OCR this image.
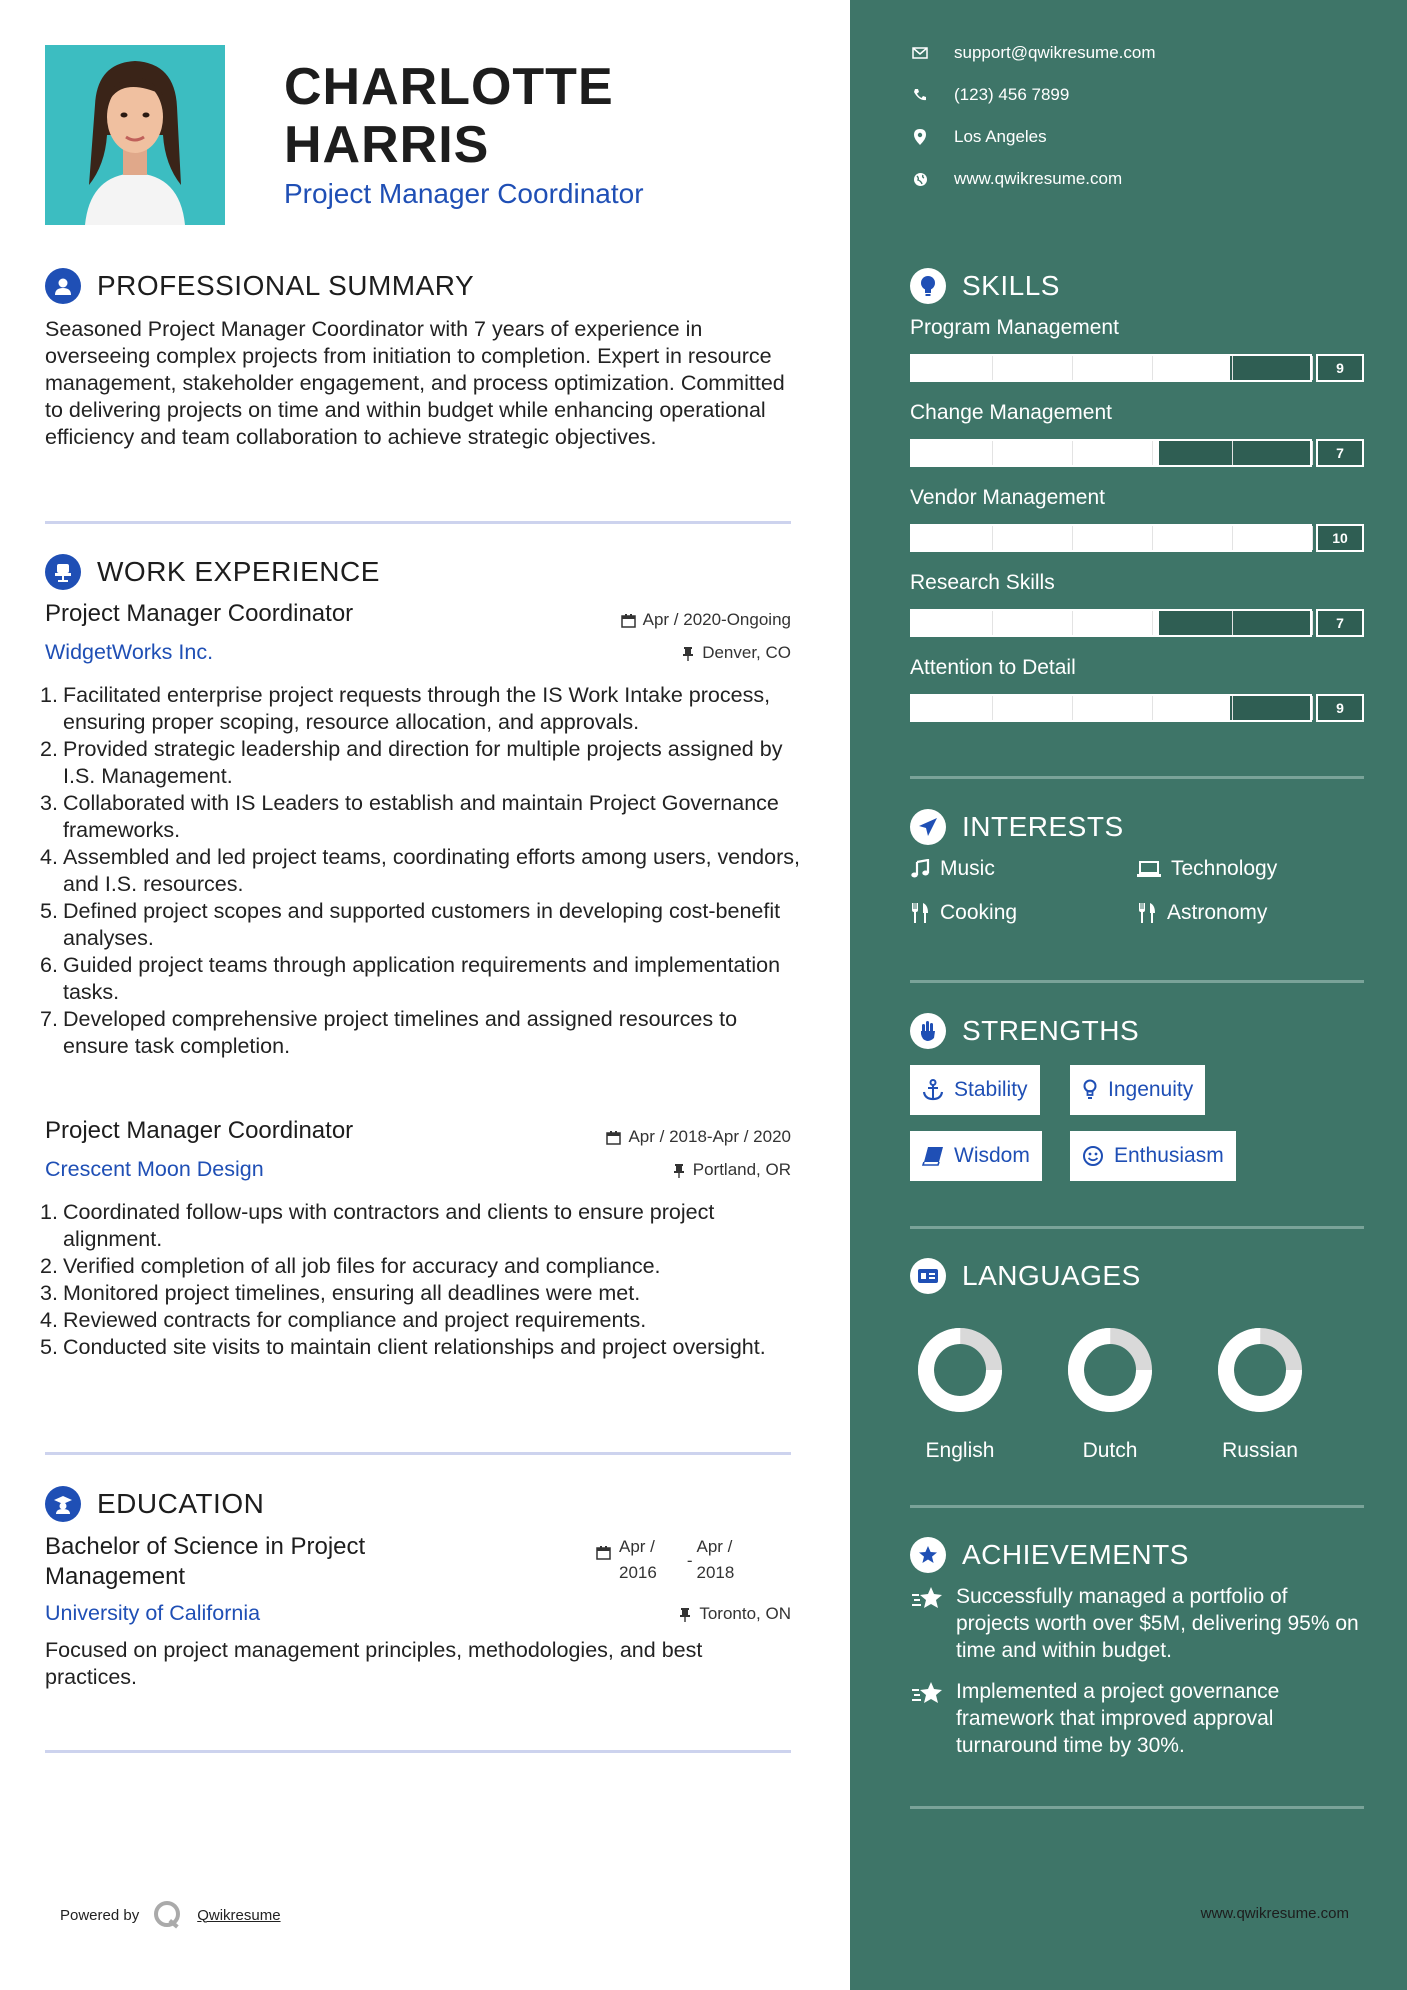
CHARLOTTE
HARRIS
Project Manager Coordinator
PROFESSIONAL SUMMARY
Seasoned Project Manager Coordinator with 7 years of experience in overseeing complex projects from initiation to completion. Expert in resource management, stakeholder engagement, and process optimization. Committed to delivering projects on time and within budget while enhancing operational efficiency and team collaboration to achieve strategic objectives.
WORK EXPERIENCE
Project Manager Coordinator	Apr / 2020-Ongoing
WidgetWorks Inc.	Denver, CO
1. Facilitated enterprise project requests through the IS Work Intake process, ensuring proper scoping, resource allocation, and approvals.
2. Provided strategic leadership and direction for multiple projects assigned by I.S. Management.
3. Collaborated with IS Leaders to establish and maintain Project Governance frameworks.
4. Assembled and led project teams, coordinating efforts among users, vendors, and I.S. resources.
5. Defined project scopes and supported customers in developing cost-benefit analyses.
6. Guided project teams through application requirements and implementation tasks.
7. Developed comprehensive project timelines and assigned resources to ensure task completion.
Project Manager Coordinator	Apr / 2018-Apr / 2020
Crescent Moon Design	Portland, OR
1. Coordinated follow-ups with contractors and clients to ensure project alignment.
2. Verified completion of all job files for accuracy and compliance.
3. Monitored project timelines, ensuring all deadlines were met.
4. Reviewed contracts for compliance and project requirements.
5. Conducted site visits to maintain client relationships and project oversight.
EDUCATION
Bachelor of Science in Project
Management
Apr /
2016
-
Apr /
2018
University of California	Toronto, ON
Focused on project management principles, methodologies, and best practices.
Powered by	Qwikresume
support@qwikresume.com
(123) 456 7899
Los Angeles
www.qwikresume.com
SKILLS
Program Management
9
Change Management
7
Vendor Management
10
Research Skills
7
Attention to Detail
9
INTERESTS
Music	Technology
Cooking	Astronomy
STRENGTHS
Stability	Ingenuity
Wisdom	Enthusiasm
LANGUAGES
English	Dutch	Russian
ACHIEVEMENTS
Successfully managed a portfolio of projects worth over $5M, delivering 95% on time and within budget.
Implemented a project governance framework that improved approval turnaround time by 30%.
www.qwikresume.com
